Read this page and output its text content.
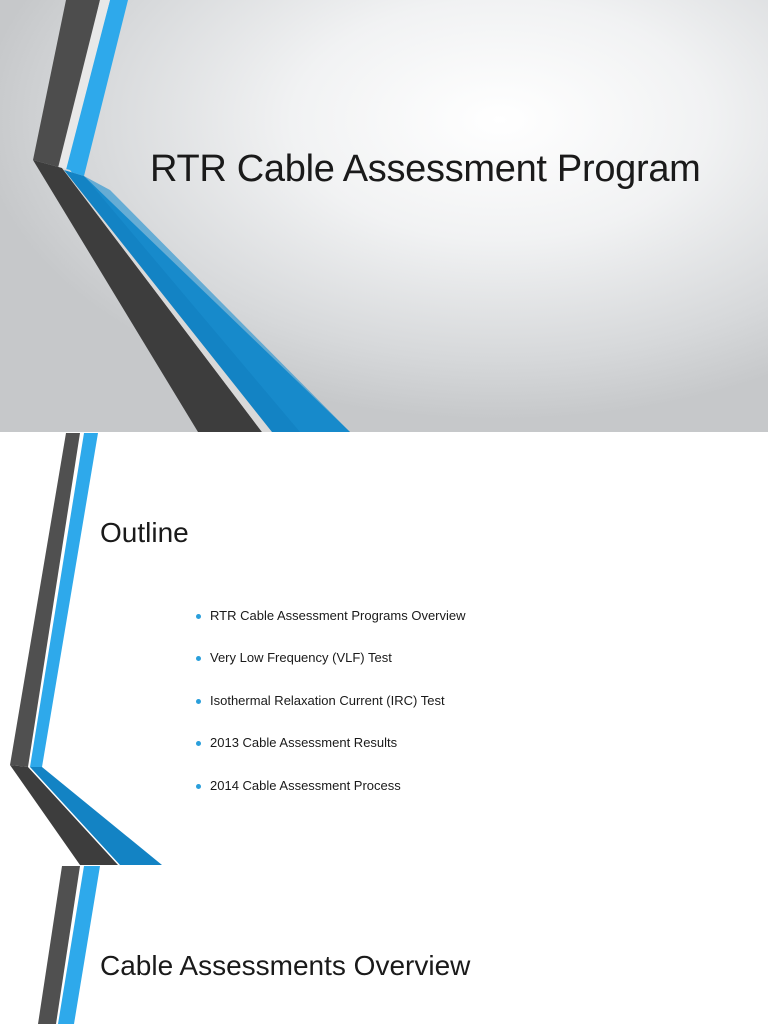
RTR Cable Assessment Program
Outline
RTR Cable Assessment Programs Overview
Very Low Frequency (VLF) Test
Isothermal Relaxation Current (IRC) Test
2013 Cable Assessment Results
2014 Cable Assessment Process
Cable Assessments Overview
